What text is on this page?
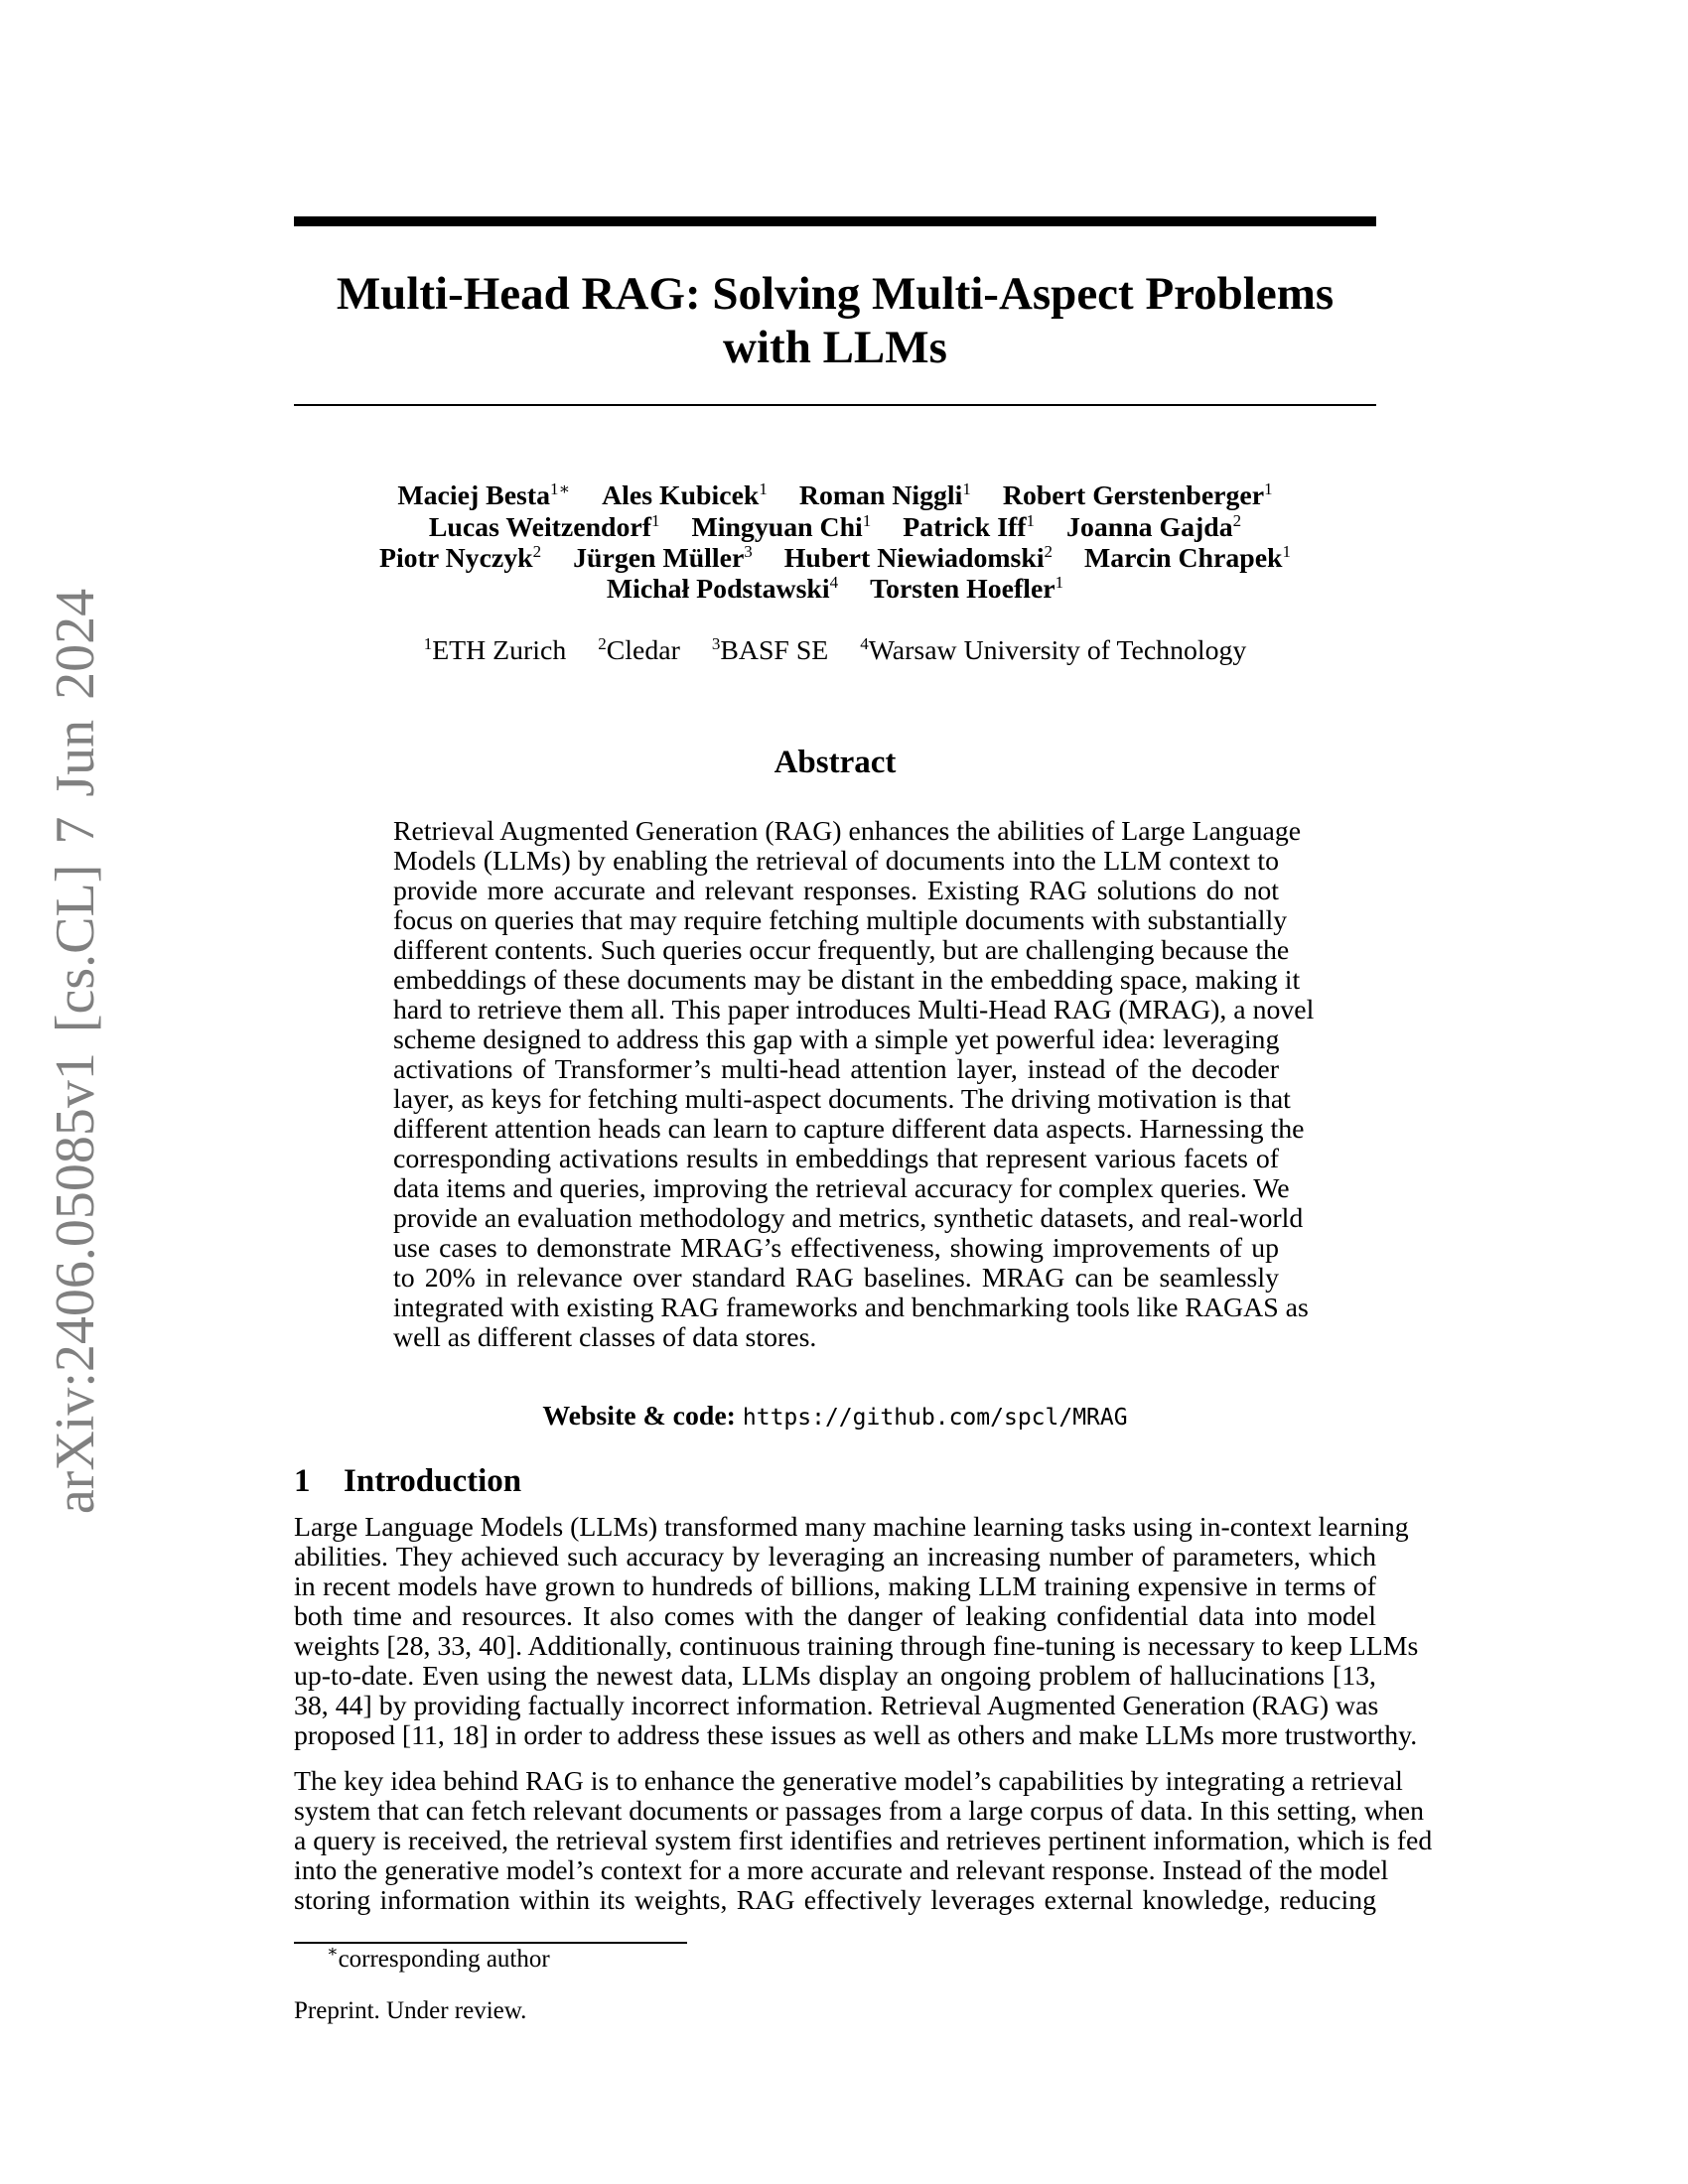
arXiv:2406.05085v1 [cs.CL] 7 Jun 2024
Multi-Head RAG: Solving Multi-Aspect Problems
with LLMs
Maciej Besta$^{1∗}$ Ales Kubicek$^1$ Roman Niggli$^1$ Robert Gerstenberger$^1$
Lucas Weitzendorf$^1$ Mingyuan Chi$^1$ Patrick Iff$^1$ Joanna Gajda$^2$
Piotr Nyczyk$^2$ Jürgen Müller$^3$ Hubert Niewiadomski$^2$ Marcin Chrapek$^1$
Michał Podstawski$^4$ Torsten Hoefler$^1$
$^1$ETH Zurich $^2$Cledar $^3$BASF SE $^4$Warsaw University of Technology
Abstract
Retrieval Augmented Generation (RAG) enhances the abilities of Large Language
Models (LLMs) by enabling the retrieval of documents into the LLM context to
provide more accurate and relevant responses. Existing RAG solutions do not
focus on queries that may require fetching multiple documents with substantially
different contents. Such queries occur frequently, but are challenging because the
embeddings of these documents may be distant in the embedding space, making it
hard to retrieve them all. This paper introduces Multi-Head RAG (MRAG), a novel
scheme designed to address this gap with a simple yet powerful idea: leveraging
activations of Transformer’s multi-head attention layer, instead of the decoder
layer, as keys for fetching multi-aspect documents. The driving motivation is that
different attention heads can learn to capture different data aspects. Harnessing the
corresponding activations results in embeddings that represent various facets of
data items and queries, improving the retrieval accuracy for complex queries. We
provide an evaluation methodology and metrics, synthetic datasets, and real-world
use cases to demonstrate MRAG’s effectiveness, showing improvements of up
to 20% in relevance over standard RAG baselines. MRAG can be seamlessly
integrated with existing RAG frameworks and benchmarking tools like RAGAS as
well as different classes of data stores.
Website & code: https://github.com/spcl/MRAG
1 Introduction
Large Language Models (LLMs) transformed many machine learning tasks using in-context learning
abilities. They achieved such accuracy by leveraging an increasing number of parameters, which
in recent models have grown to hundreds of billions, making LLM training expensive in terms of
both time and resources. It also comes with the danger of leaking confidential data into model
weights [28, 33, 40]. Additionally, continuous training through fine-tuning is necessary to keep LLMs
up-to-date. Even using the newest data, LLMs display an ongoing problem of hallucinations [13,
38, 44] by providing factually incorrect information. Retrieval Augmented Generation (RAG) was
proposed [11, 18] in order to address these issues as well as others and make LLMs more trustworthy.
The key idea behind RAG is to enhance the generative model’s capabilities by integrating a retrieval
system that can fetch relevant documents or passages from a large corpus of data. In this setting, when
a query is received, the retrieval system first identifies and retrieves pertinent information, which is fed
into the generative model’s context for a more accurate and relevant response. Instead of the model
storing information within its weights, RAG effectively leverages external knowledge, reducing
∗corresponding author
Preprint. Under review.
